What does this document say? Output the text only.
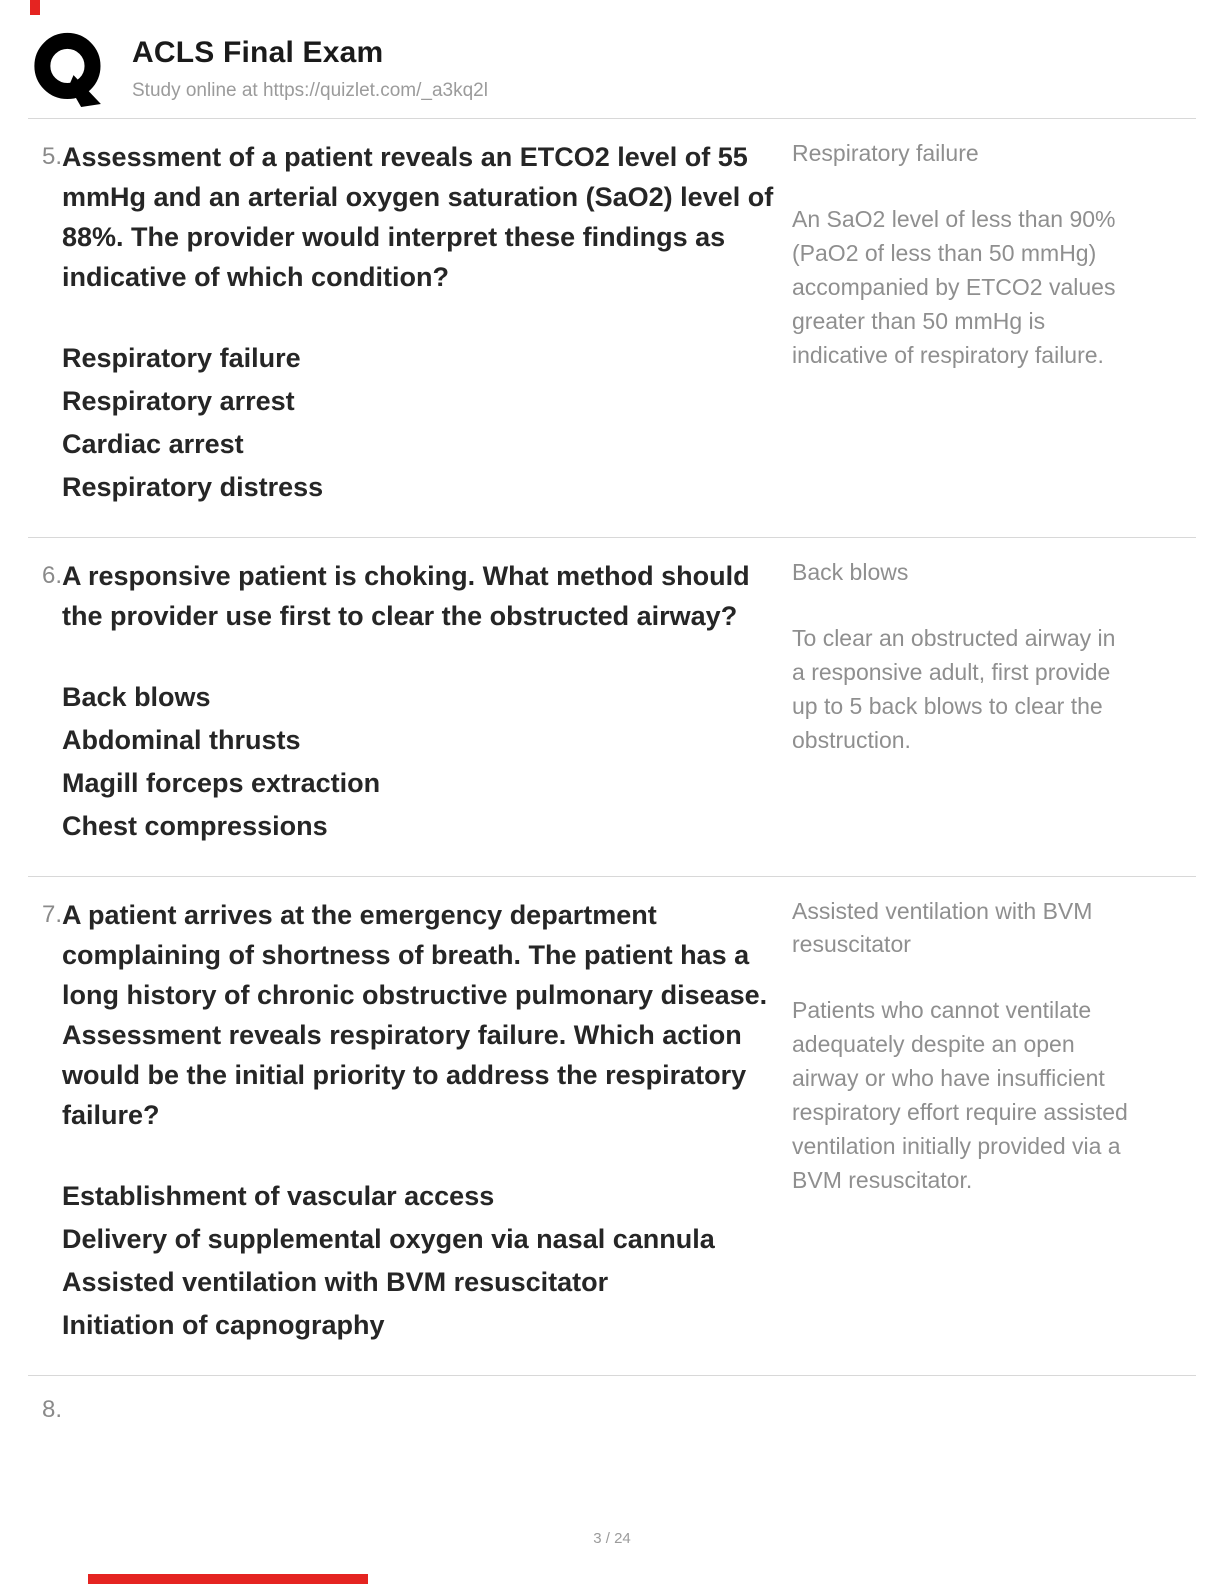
ACLS Final Exam
Study online at https://quizlet.com/_a3kq2l
5. Assessment of a patient reveals an ETCO2 level of 55 mmHg and an arterial oxygen saturation (SaO2) level of 88%. The provider would interpret these findings as indicative of which condition?

Respiratory failure
Respiratory arrest
Cardiac arrest
Respiratory distress

Respiratory failure

An SaO2 level of less than 90% (PaO2 of less than 50 mmHg) accompanied by ETCO2 values greater than 50 mmHg is indicative of respiratory failure.

6. A responsive patient is choking. What method should the provider use first to clear the obstructed airway?

Back blows
Abdominal thrusts
Magill forceps extraction
Chest compressions

Back blows

To clear an obstructed airway in a responsive adult, first provide up to 5 back blows to clear the obstruction.

7. A patient arrives at the emergency department complaining of shortness of breath. The patient has a long history of chronic obstructive pulmonary disease. Assessment reveals respiratory failure. Which action would be the initial priority to address the respiratory failure?

Establishment of vascular access
Delivery of supplemental oxygen via nasal cannula
Assisted ventilation with BVM resuscitator
Initiation of capnography

Assisted ventilation with BVM resuscitator

Patients who cannot ventilate adequately despite an open airway or who have insufficient respiratory effort require assisted ventilation initially provided via a BVM resuscitator.

8.
3 / 24
